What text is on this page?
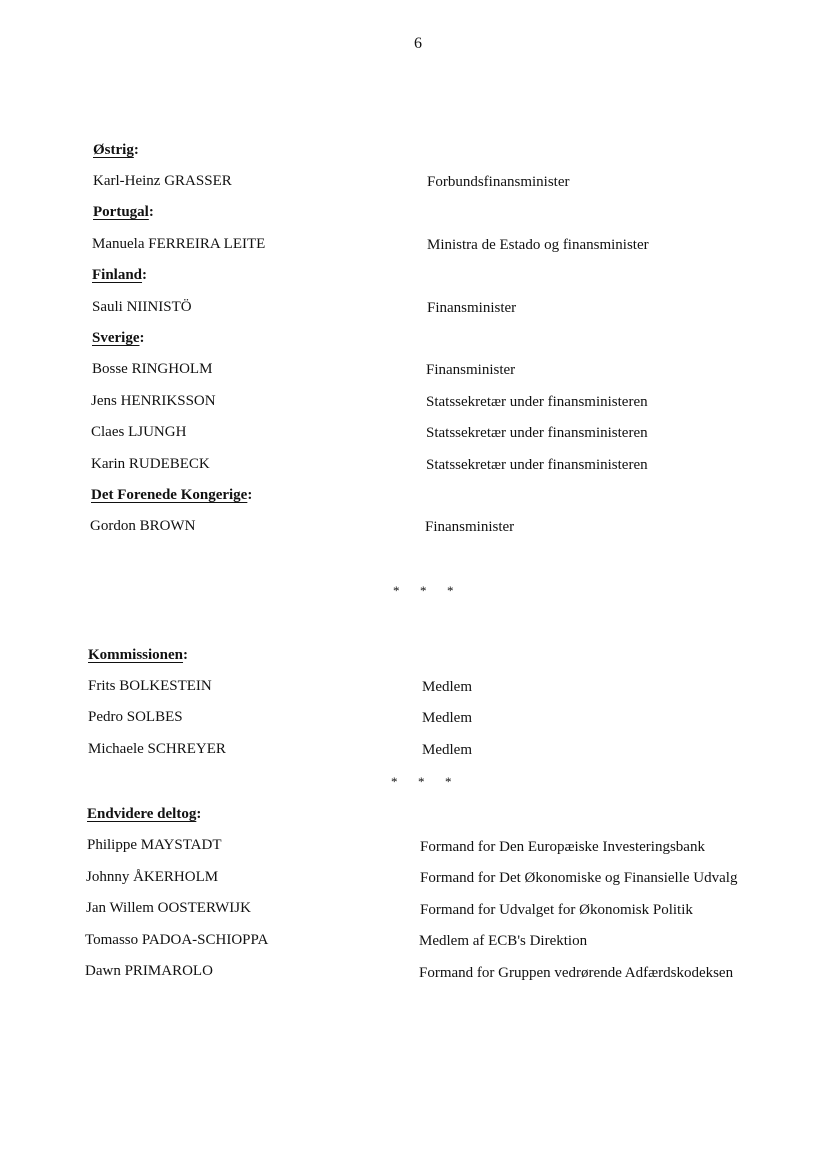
6
Østrig:
Karl-Heinz GRASSER	Forbundsfinansminister
Portugal:
Manuela FERREIRA LEITE	Ministra de Estado og finansminister
Finland:
Sauli NIINISTÖ	Finansminister
Sverige:
Bosse RINGHOLM	Finansminister
Jens HENRIKSSON	Statssekretær under finansministeren
Claes LJUNGH	Statssekretær under finansministeren
Karin RUDEBECK	Statssekretær under finansministeren
Det Forenede Kongerige:
Gordon BROWN	Finansminister
* * *
Kommissionen:
Frits BOLKESTEIN	Medlem
Pedro SOLBES	Medlem
Michaele SCHREYER	Medlem
* * *
Endvidere deltog:
Philippe MAYSTADT	Formand for Den Europæiske Investeringsbank
Johnny ÅKERHOLM	Formand for Det Økonomiske og Finansielle Udvalg
Jan Willem OOSTERWIJK	Formand for Udvalget for Økonomisk Politik
Tomasso PADOA-SCHIOPPA	Medlem af ECB's Direktion
Dawn PRIMAROLO	Formand for Gruppen vedrørende Adfærdskodeksen
